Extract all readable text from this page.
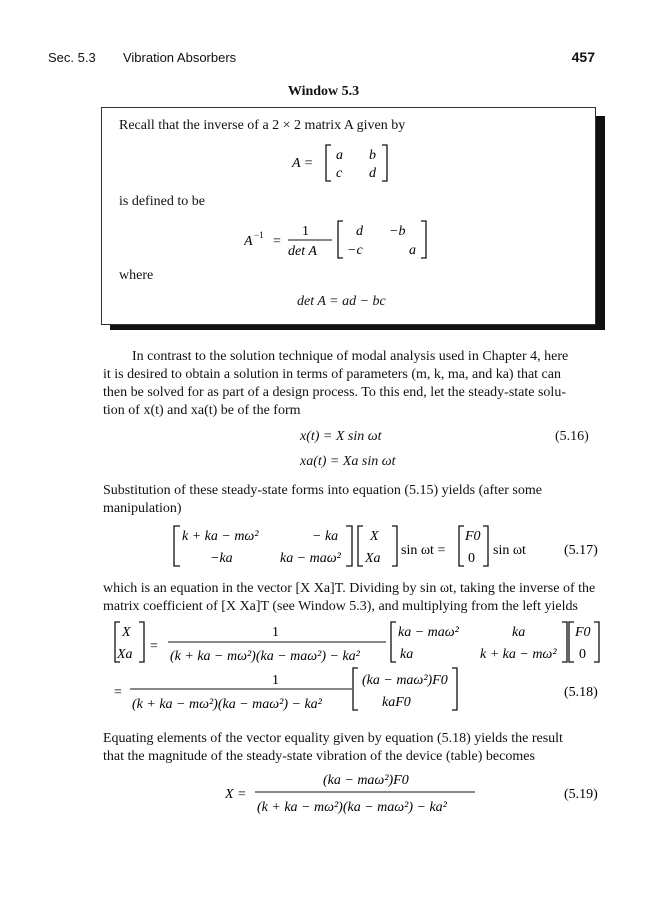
Sec. 5.3 Vibration Absorbers	457
Window 5.3
Recall that the inverse of a 2 × 2 matrix A given by
A =
a b
c d
is defined to be
A −1 =
1
det A
d −b
−c	a
where
det A = ad − bc
In contrast to the solution technique of modal analysis used in Chapter 4, here
it is desired to obtain a solution in terms of parameters (m, k, ma, and ka) that can
then be solved for as part of a design process. To this end, let the steady-state solu-
tion of x(t) and xa(t) be of the form
x(t) = X sin ωt
xa(t) = Xa sin ωt
(5.16)
Substitution of these steady-state forms into equation (5.15) yields (after some
manipulation)
k + ka − mω²	− ka
−ka	ka − maω²
X
Xa
sin ωt =
F0
0
sin ωt	(5.17)
which is an equation in the vector [X Xa]T. Dividing by sin ωt, taking the inverse of the
matrix coefficient of [X Xa]T (see Window 5.3), and multiplying from the left yields
X
Xa
=
1
(k + ka − mω²)(ka − maω²) − ka²
ka − maω²	ka
ka	k + ka − mω²
F0
0
=
1
(k + ka − mω²)(ka − maω²) − ka²
(ka − maω²)F0
kaF0
(5.18)
Equating elements of the vector equality given by equation (5.18) yields the result
that the magnitude of the steady-state vibration of the device (table) becomes
X =
(ka − maω²)F0
(k + ka − mω²)(ka − maω²) − ka²
(5.19)
